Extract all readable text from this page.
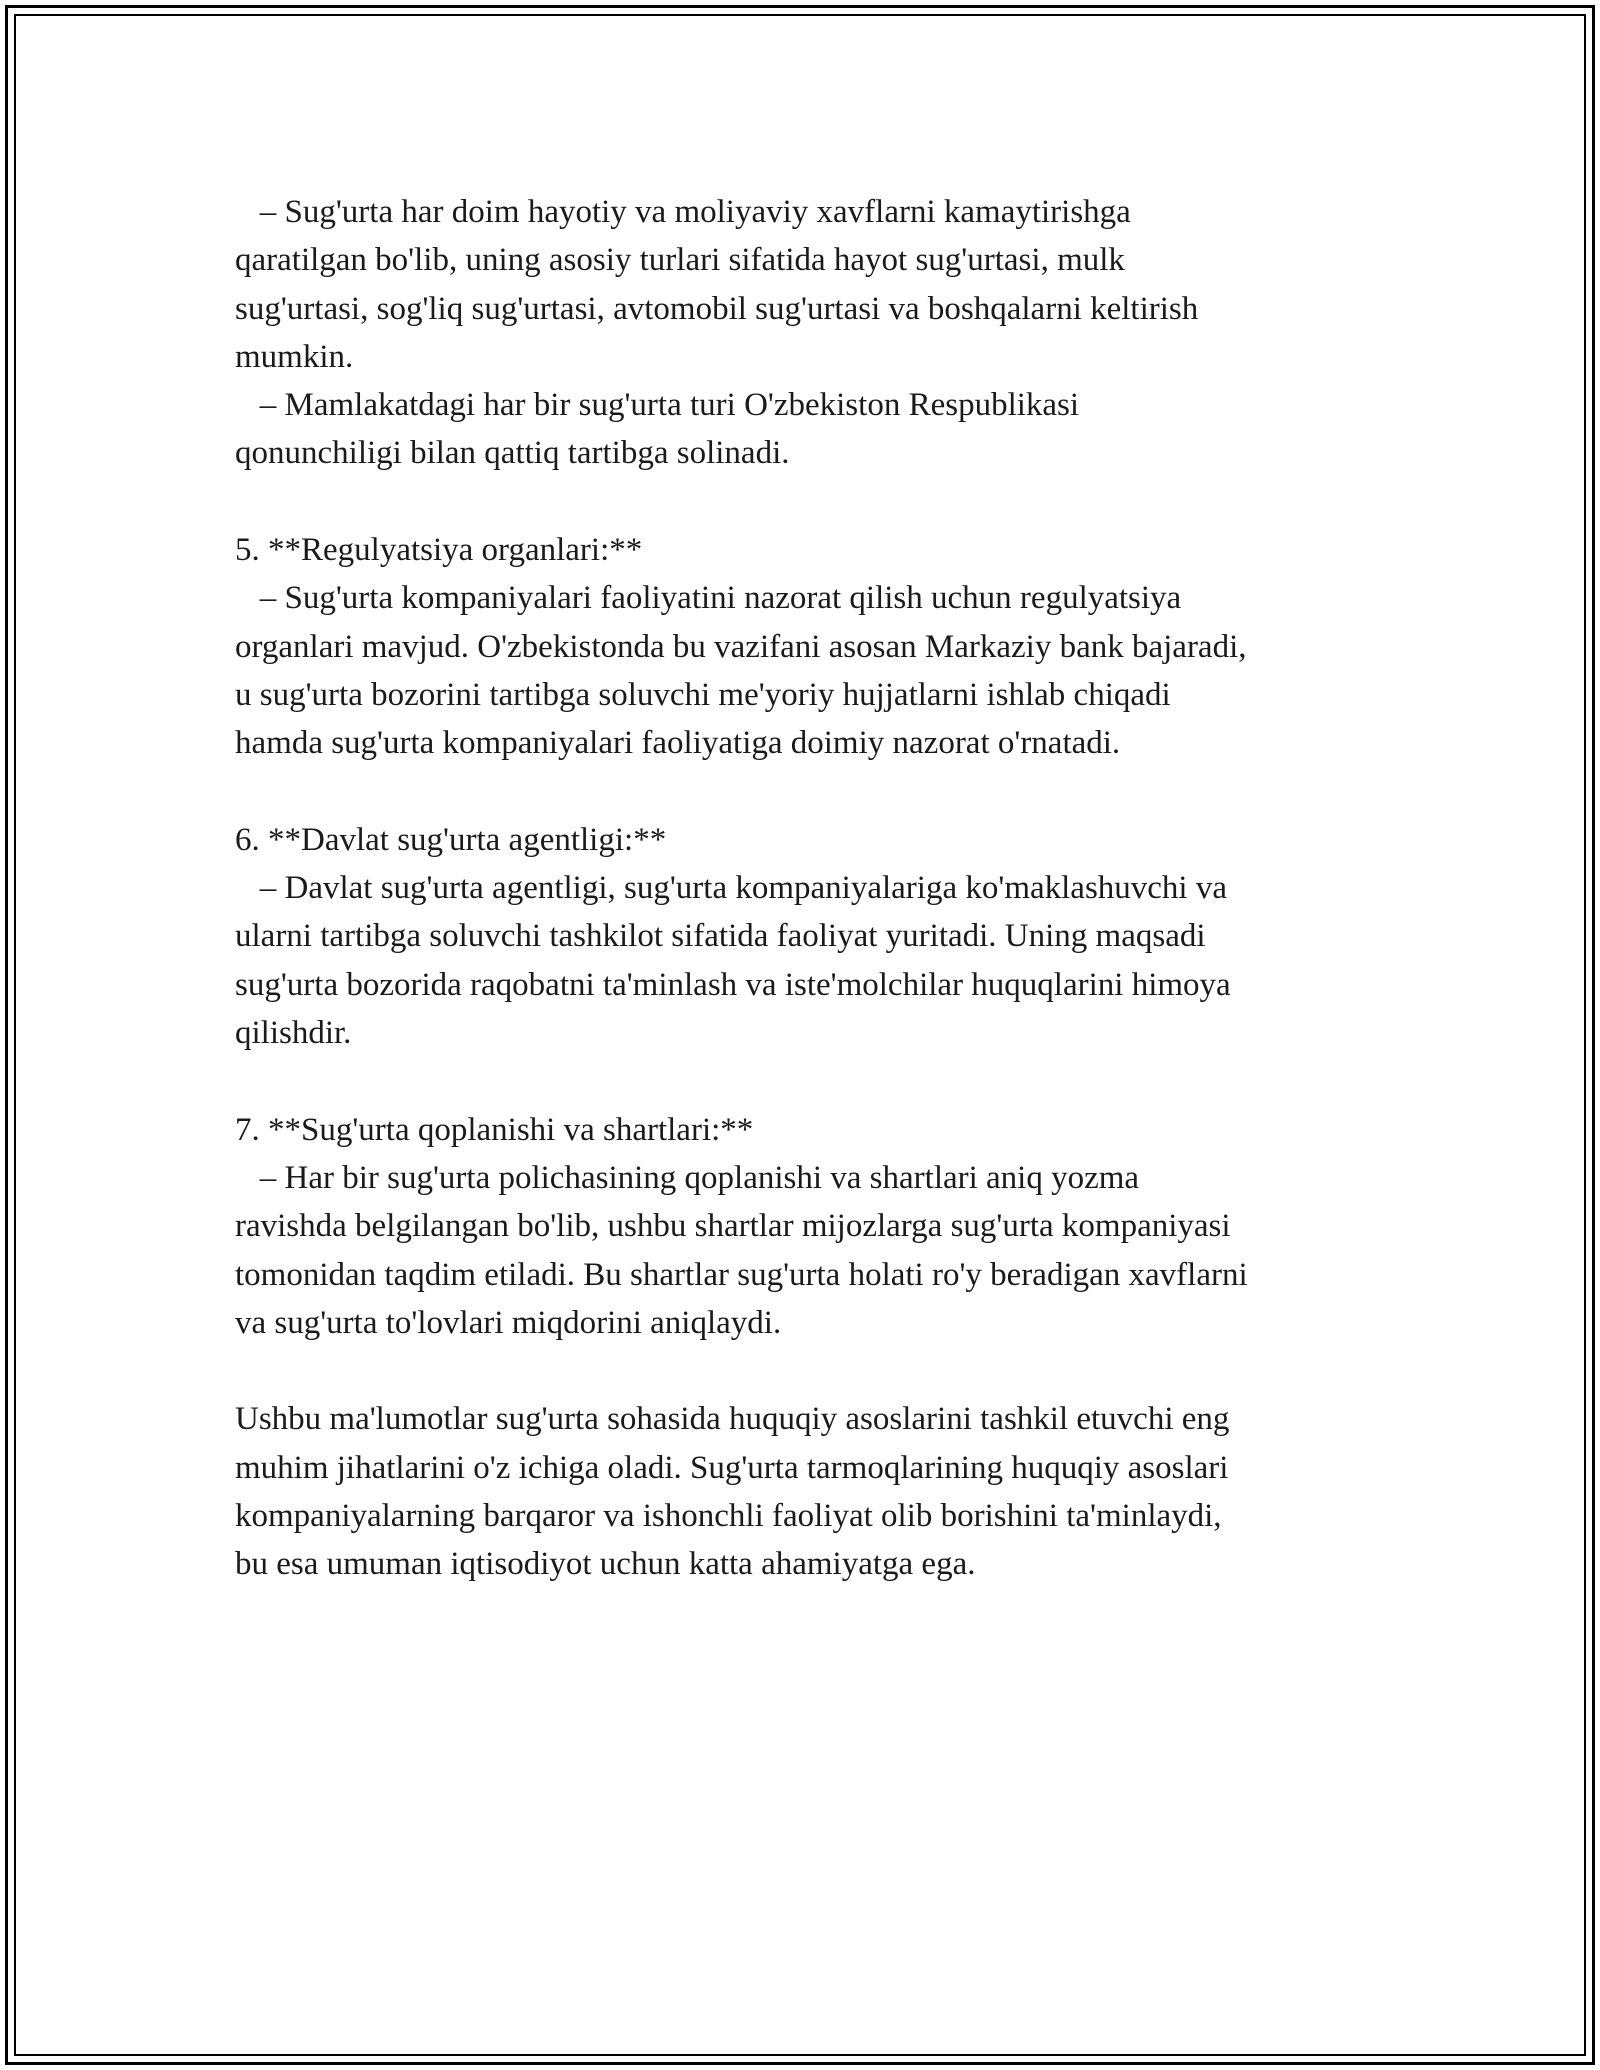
– Sug'urta har doim hayotiy va moliyaviy xavflarni kamaytirishga

qaratilgan bo'lib, uning asosiy turlari sifatida hayot sug'urtasi, mulk

sug'urtasi, sog'liq sug'urtasi, avtomobil sug'urtasi va boshqalarni keltirish

mumkin.

– Mamlakatdagi har bir sug'urta turi O'zbekiston Respublikasi

qonunchiligi bilan qattiq tartibga solinadi.

5. **Regulyatsiya organlari:**

– Sug'urta kompaniyalari faoliyatini nazorat qilish uchun regulyatsiya

organlari mavjud. O'zbekistonda bu vazifani asosan Markaziy bank bajaradi,

u sug'urta bozorini tartibga soluvchi me'yoriy hujjatlarni ishlab chiqadi

hamda sug'urta kompaniyalari faoliyatiga doimiy nazorat o'rnatadi.

6. **Davlat sug'urta agentligi:**

– Davlat sug'urta agentligi, sug'urta kompaniyalariga ko'maklashuvchi va

ularni tartibga soluvchi tashkilot sifatida faoliyat yuritadi. Uning maqsadi

sug'urta bozorida raqobatni ta'minlash va iste'molchilar huquqlarini himoya

qilishdir.

7. **Sug'urta qoplanishi va shartlari:**

– Har bir sug'urta polichasining qoplanishi va shartlari aniq yozma

ravishda belgilangan bo'lib, ushbu shartlar mijozlarga sug'urta kompaniyasi

tomonidan taqdim etiladi. Bu shartlar sug'urta holati ro'y beradigan xavflarni

va sug'urta to'lovlari miqdorini aniqlaydi.

Ushbu ma'lumotlar sug'urta sohasida huquqiy asoslarini tashkil etuvchi eng

muhim jihatlarini o'z ichiga oladi. Sug'urta tarmoqlarining huquqiy asoslari

kompaniyalarning barqaror va ishonchli faoliyat olib borishini ta'minlaydi,

bu esa umuman iqtisodiyot uchun katta ahamiyatga ega.
